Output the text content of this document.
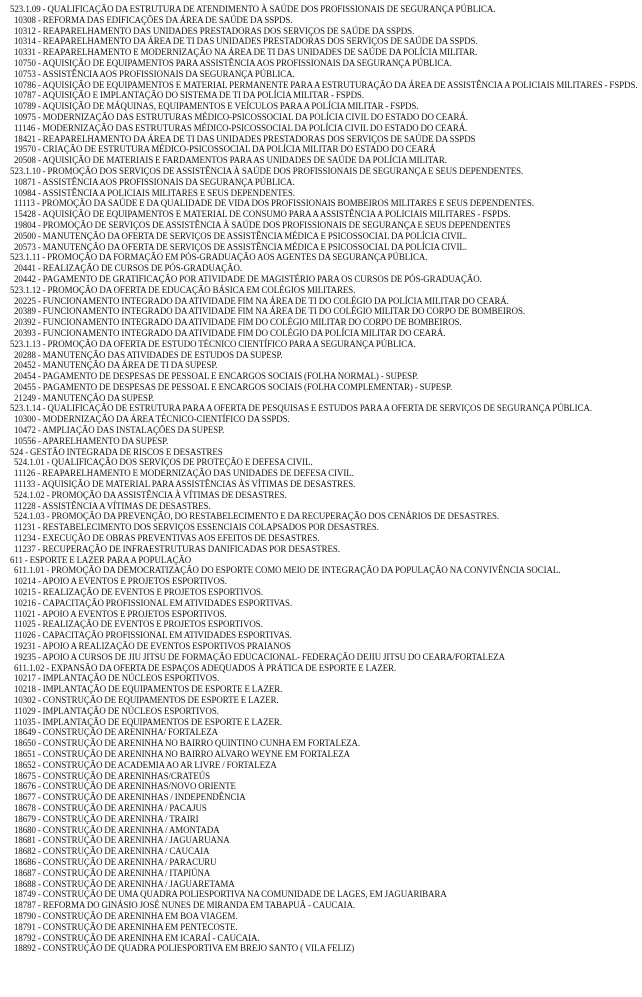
523.1.09 - QUALIFICAÇÃO DA ESTRUTURA DE ATENDIMENTO À SAÚDE DOS PROFISSIONAIS DE SEGURANÇA PÚBLICA.
10308 - REFORMA DAS EDIFICAÇÕES DA ÁREA DE SAÚDE DA SSPDS.
10312 - REAPARELHAMENTO DAS UNIDADES PRESTADORAS DOS SERVIÇOS DE SAÚDE DA SSPDS.
10314 - REAPARELHAMENTO DA ÁREA DE TI DAS UNIDADES PRESTADORAS DOS SERVIÇOS DE SAÚDE DA SSPDS.
10331 - REAPARELHAMENTO E MODERNIZAÇÃO NA ÁREA DE TI DAS UNIDADES DE SAÚDE DA POLÍCIA MILITAR.
10750 - AQUISIÇÃO DE EQUIPAMENTOS PARA ASSISTÊNCIA AOS PROFISSIONAIS DA SEGURANÇA PÚBLICA.
10753 - ASSISTÊNCIA AOS PROFISSIONAIS DA SEGURANÇA PÚBLICA.
10786 - AQUISIÇÃO DE EQUIPAMENTOS E MATERIAL PERMANENTE PARA A ESTRUTURAÇÃO DA ÁREA DE ASSISTÊNCIA A POLICIAIS MILITARES - FSPDS.
10787 - AQUISIÇÃO E IMPLANTAÇÃO DO SISTEMA DE TI DA POLÍCIA MILITAR - FSPDS.
10789 - AQUISIÇÃO DE MÁQUINAS, EQUIPAMENTOS E VEÍCULOS PARA A POLÍCIA MILITAR - FSPDS.
10975 - MODERNIZAÇÃO DAS ESTRUTURAS MÉDICO-PSICOSSOCIAL DA POLÍCIA CIVIL DO ESTADO DO CEARÁ.
11146 - MODERNIZAÇÃO DAS ESTRUTURAS MÉDICO-PSICOSSOCIAL DA POLÍCIA CIVIL DO ESTADO DO CEARÁ.
18421 - REAPARELHAMENTO DA ÁREA DE TI DAS UNIDADES PRESTADORAS DOS SERVIÇOS DE SAÚDE DA SSPDS
19570 - CRIAÇÃO DE ESTRUTURA MÉDICO-PSICOSSOCIAL DA POLÍCIA MILITAR DO ESTADO DO CEARÁ
20508 - AQUISIÇÃO DE MATERIAIS E FARDAMENTOS PARA AS UNIDADES DE SAÚDE DA POLÍCIA MILITAR.
523.1.10 - PROMOÇÃO DOS SERVIÇOS DE ASSISTÊNCIA À SAÚDE DOS PROFISSIONAIS DE SEGURANÇA E SEUS DEPENDENTES.
10871 - ASSISTÊNCIA AOS PROFISSIONAIS DA SEGURANÇA PÚBLICA.
10984 - ASSISTÊNCIA A POLICIAIS MILITARES E SEUS DEPENDENTES.
11113 - PROMOÇÃO DA SAÚDE E DA QUALIDADE DE VIDA DOS PROFISSIONAIS BOMBEIROS MILITARES E SEUS DEPENDENTES.
15428 - AQUISIÇÃO DE EQUIPAMENTOS E MATERIAL DE CONSUMO PARA A ASSISTÊNCIA A POLICIAIS MILITARES - FSPDS.
19804 - PROMOÇÃO DE SERVIÇOS DE ASSISTÊNCIA À SAÚDE DOS PROFISSIONAIS DE SEGURANÇA E SEUS DEPENDENTES
20500 - MANUTENÇÃO DA OFERTA DE SERVIÇOS DE ASSISTÊNCIA MÉDICA E PSICOSSOCIAL DA POLÍCIA CIVIL.
20573 - MANUTENÇÃO DA OFERTA DE SERVIÇOS DE ASSISTÊNCIA MÉDICA E PSICOSSOCIAL DA POLÍCIA CIVIL.
523.1.11 - PROMOÇÃO DA FORMAÇÃO EM PÓS-GRADUAÇÃO AOS AGENTES DA SEGURANÇA PÚBLICA.
20441 - REALIZAÇÃO DE CURSOS DE PÓS-GRADUAÇÃO.
20442 - PAGAMENTO DE GRATIFICAÇÃO POR ATIVIDADE DE MAGISTÉRIO PARA OS CURSOS DE PÓS-GRADUAÇÃO.
523.1.12 - PROMOÇÃO DA OFERTA DE EDUCAÇÃO BÁSICA EM COLÉGIOS MILITARES.
20225 - FUNCIONAMENTO INTEGRADO DA ATIVIDADE FIM NA ÁREA DE TI DO COLÉGIO DA POLÍCIA MILITAR DO CEARÁ.
20389 - FUNCIONAMENTO INTEGRADO DA ATIVIDADE FIM NA ÁREA DE TI DO COLÉGIO MILITAR DO CORPO DE BOMBEIROS.
20392 - FUNCIONAMENTO INTEGRADO DA ATIVIDADE FIM DO COLÉGIO MILITAR DO CORPO DE BOMBEIROS.
20393 - FUNCIONAMENTO INTEGRADO DA ATIVIDADE FIM DO COLÉGIO DA POLÍCIA MILITAR DO CEARÁ.
523.1.13 - PROMOÇÃO DA OFERTA DE ESTUDO TÉCNICO CIENTÍFICO PARA A SEGURANÇA PÚBLICA.
20288 - MANUTENÇÃO DAS ATIVIDADES DE ESTUDOS DA SUPESP.
20452 - MANUTENÇÃO DA ÁREA DE TI DA SUPESP.
20454 - PAGAMENTO DE DESPESAS DE PESSOAL E ENCARGOS SOCIAIS (FOLHA NORMAL) - SUPESP.
20455 - PAGAMENTO DE DESPESAS DE PESSOAL E ENCARGOS SOCIAIS (FOLHA COMPLEMENTAR) - SUPESP.
21249 - MANUTENÇÃO DA SUPESP.
523.1.14 - QUALIFICAÇÃO DE ESTRUTURA PARA A OFERTA DE PESQUISAS E ESTUDOS PARA A OFERTA DE SERVIÇOS DE SEGURANÇA PÚBLICA.
10300 - MODERNIZAÇÃO DA ÁREA TÉCNICO-CIENTÍFICO DA SSPDS.
10472 - AMPLIAÇÃO DAS INSTALAÇÕES DA SUPESP.
10556 - APARELHAMENTO DA SUPESP.
524 - GESTÃO INTEGRADA DE RISCOS E DESASTRES
524.1.01 - QUALIFICAÇÃO DOS SERVIÇOS DE PROTEÇÃO E DEFESA CIVIL.
11126 - REAPARELHAMENTO E MODERNIZAÇÃO DAS UNIDADES DE DEFESA CIVIL.
11133 - AQUISIÇÃO DE MATERIAL PARA ASSISTÊNCIAS ÀS VÍTIMAS DE DESASTRES.
524.1.02 - PROMOÇÃO DA ASSISTÊNCIA À VÍTIMAS DE DESASTRES.
11228 - ASSISTÊNCIA A VÍTIMAS DE DESASTRES.
524.1.03 - PROMOÇÃO DA PREVENÇÃO, DO RESTABELECIMENTO E DA RECUPERAÇÃO DOS CENÁRIOS DE DESASTRES.
11231 - RESTABELECIMENTO DOS SERVIÇOS ESSENCIAIS COLAPSADOS POR DESASTRES.
11234 - EXECUÇÃO DE OBRAS PREVENTIVAS AOS EFEITOS DE DESASTRES.
11237 - RECUPERAÇÃO DE INFRAESTRUTURAS DANIFICADAS POR DESASTRES.
611 - ESPORTE E LAZER PARA A POPULAÇÃO
611.1.01 - PROMOÇÃO DA DEMOCRATIZAÇÃO DO ESPORTE COMO MEIO DE INTEGRAÇÃO DA POPULAÇÃO NA CONVIVÊNCIA SOCIAL.
10214 - APOIO A EVENTOS E PROJETOS ESPORTIVOS.
10215 - REALIZAÇÃO DE EVENTOS E PROJETOS ESPORTIVOS.
10216 - CAPACITAÇÃO PROFISSIONAL EM ATIVIDADES ESPORTIVAS.
11021 - APOIO A EVENTOS E PROJETOS ESPORTIVOS.
11025 - REALIZAÇÃO DE EVENTOS E PROJETOS ESPORTIVOS.
11026 - CAPACITAÇÃO PROFISSIONAL EM ATIVIDADES ESPORTIVAS.
19231 - APOIO A REALIZAÇÃO DE EVENTOS ESPORTIVOS PRAIANOS
19235 - APOIO A CURSOS DE JIU JITSU DE FORMAÇÃO EDUCACIONAL- FEDERAÇÃO DEJIU JITSU DO CEARA/FORTALEZA
611.1.02 - EXPANSÃO DA OFERTA DE ESPAÇOS ADEQUADOS À PRÁTICA DE ESPORTE E LAZER.
10217 - IMPLANTAÇÃO DE NÚCLEOS ESPORTIVOS.
10218 - IMPLANTAÇÃO DE EQUIPAMENTOS DE ESPORTE E LAZER.
10302 - CONSTRUÇÃO DE EQUIPAMENTOS DE ESPORTE E LAZER.
11029 - IMPLANTAÇÃO DE NÚCLEOS ESPORTIVOS.
11035 - IMPLANTAÇÃO DE EQUIPAMENTOS DE ESPORTE E LAZER.
18649 - CONSTRUÇÃO DE ARENINHA/ FORTALEZA
18650 - CONSTRUÇÃO DE ARENINHA NO BAIRRO QUINTINO CUNHA EM FORTALEZA.
18651 - CONSTRUÇÃO DE ARENINHA NO BAIRRO ALVARO WEYNE EM FORTALEZA
18652 - CONSTRUÇÃO DE ACADEMIA AO AR LIVRE / FORTALEZA
18675 - CONSTRUÇÃO DE ARENINHAS/CRATEÚS
18676 - CONSTRUÇÃO DE ARENINHAS/NOVO ORIENTE
18677 - CONSTRUÇÃO DE ARENINHAS / INDEPENDÊNCIA
18678 - CONSTRUÇÃO DE ARENINHA / PACAJUS
18679 - CONSTRUÇÃO DE ARENINHA / TRAIRI
18680 - CONSTRUÇÃO DE ARENINHA / AMONTADA
18681 - CONSTRUÇÃO DE ARENINHA / JAGUARUANA
18682 - CONSTRUÇÃO DE ARENINHA / CAUCAIA
18686 - CONSTRUÇÃO DE ARENINHA / PARACURU
18687 - CONSTRUÇÃO DE ARENINHA / ITAPIÚNA
18688 - CONSTRUÇÃO DE ARENINHA / JAGUARETAMA
18749 - CONSTRUÇÃO DE UMA QUADRA POLIESPORTIVA NA COMUNIDADE DE LAGES, EM JAGUARIBARA
18787 - REFORMA DO GINÁSIO JOSÉ NUNES DE MIRANDA EM TABAPUÃ - CAUCAIA.
18790 - CONSTRUÇÃO DE ARENINHA EM BOA VIAGEM.
18791 - CONSTRUÇÃO DE ARENINHA EM PENTECOSTE.
18792 - CONSTRUÇÃO DE ARENINHA EM ICARAÍ - CAUCAIA.
18892 - CONSTRUÇÃO DE QUADRA POLIESPORTIVA EM BREJO SANTO ( VILA FELIZ)
